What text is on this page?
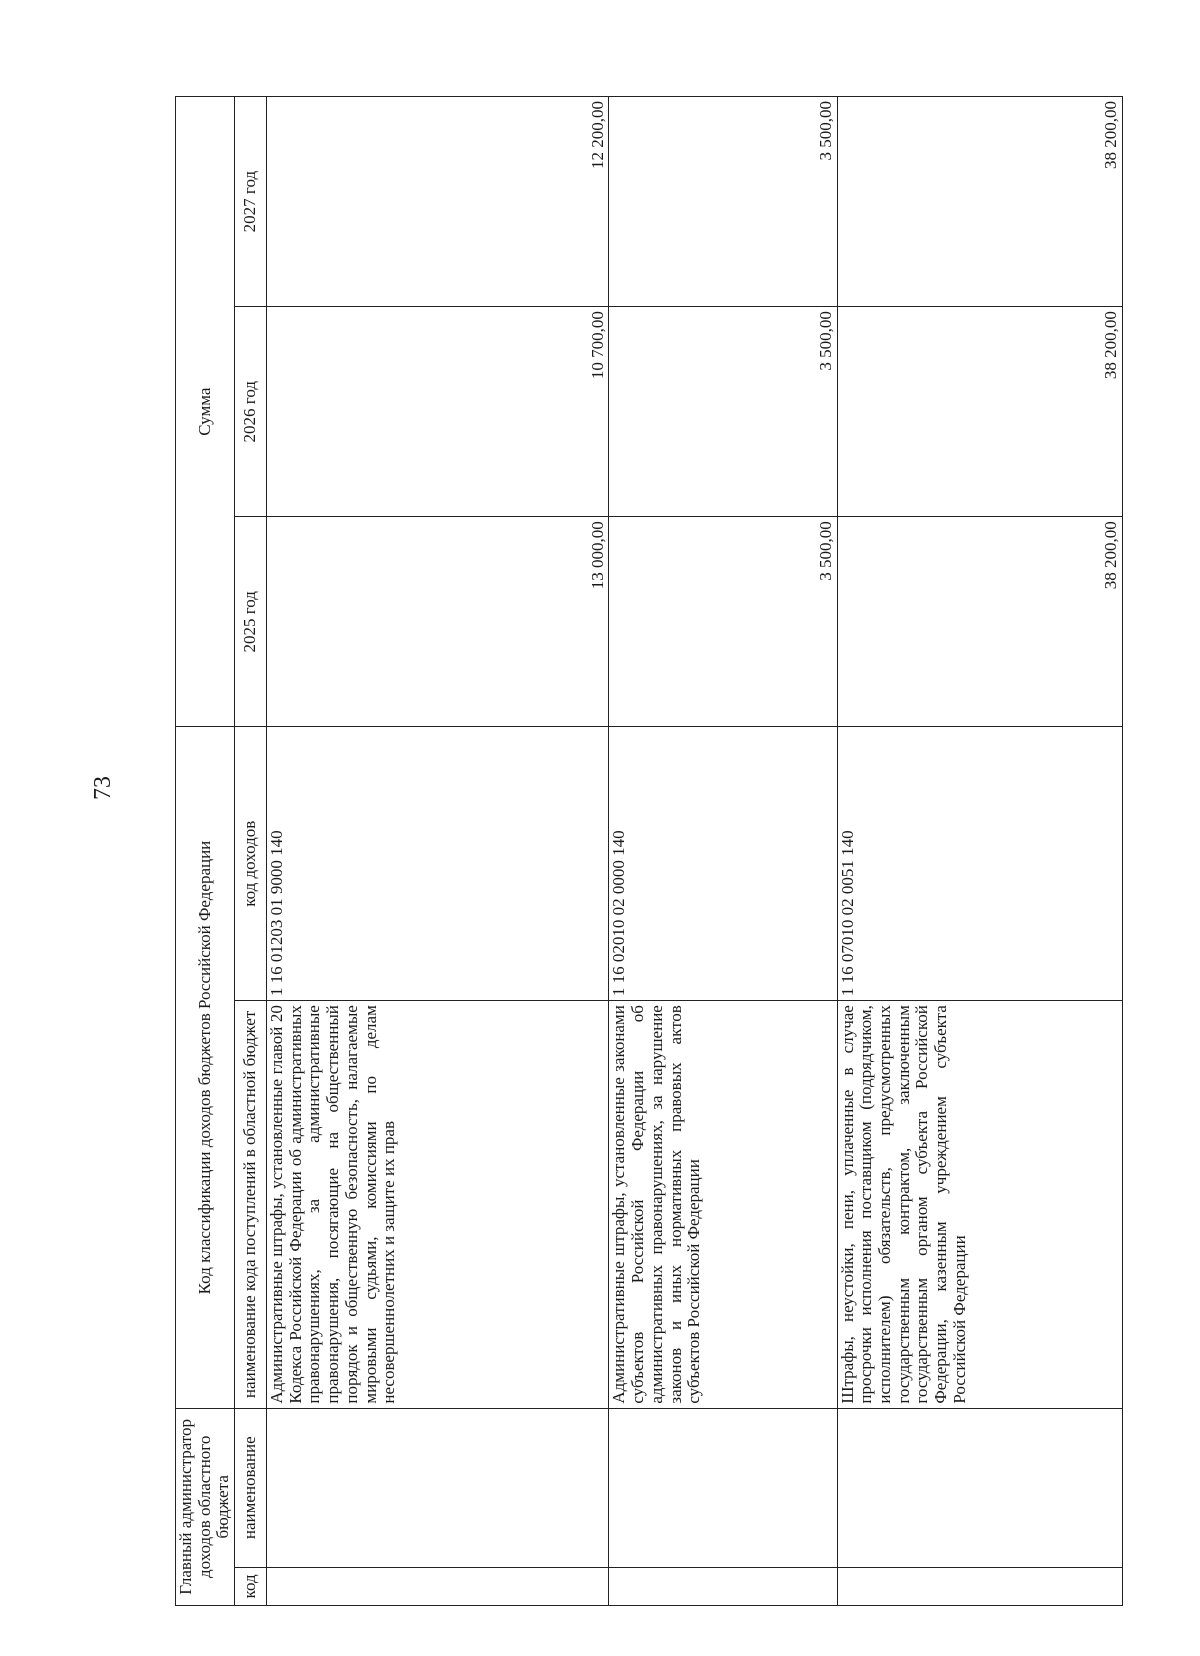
73
Главный администратор доходов областного бюджета		Код классификации доходов бюджетов Российской Федерации		Сумма		
код	наименование	наименование кода поступлений в областной бюджет	код доходов	2025 год	2026 год	2027 год
		Административные штрафы, установленные главой 20 Кодекса Российской Федерации об административных правонарушениях, за административные правонарушения, посягающие на общественный порядок и общественную безопасность, налагаемые мировыми судьями, комиссиями по делам несовершеннолетних и защите их прав	1 16 01203 01 9000 140	13 000,00	10 700,00	12 200,00
		Административные штрафы, установленные законами субъектов Российской Федерации об административных правонарушениях, за нарушение законов и иных нормативных правовых актов субъектов Российской Федерации	1 16 02010 02 0000 140	3 500,00	3 500,00	3 500,00
		Штрафы, неустойки, пени, уплаченные в случае просрочки исполнения поставщиком (подрядчиком, исполнителем) обязательств, предусмотренных государственным контрактом, заключенным государственным органом субъекта Российской Федерации, казенным учреждением субъекта Российской Федерации	1 16 07010 02 0051 140	38 200,00	38 200,00	38 200,00
